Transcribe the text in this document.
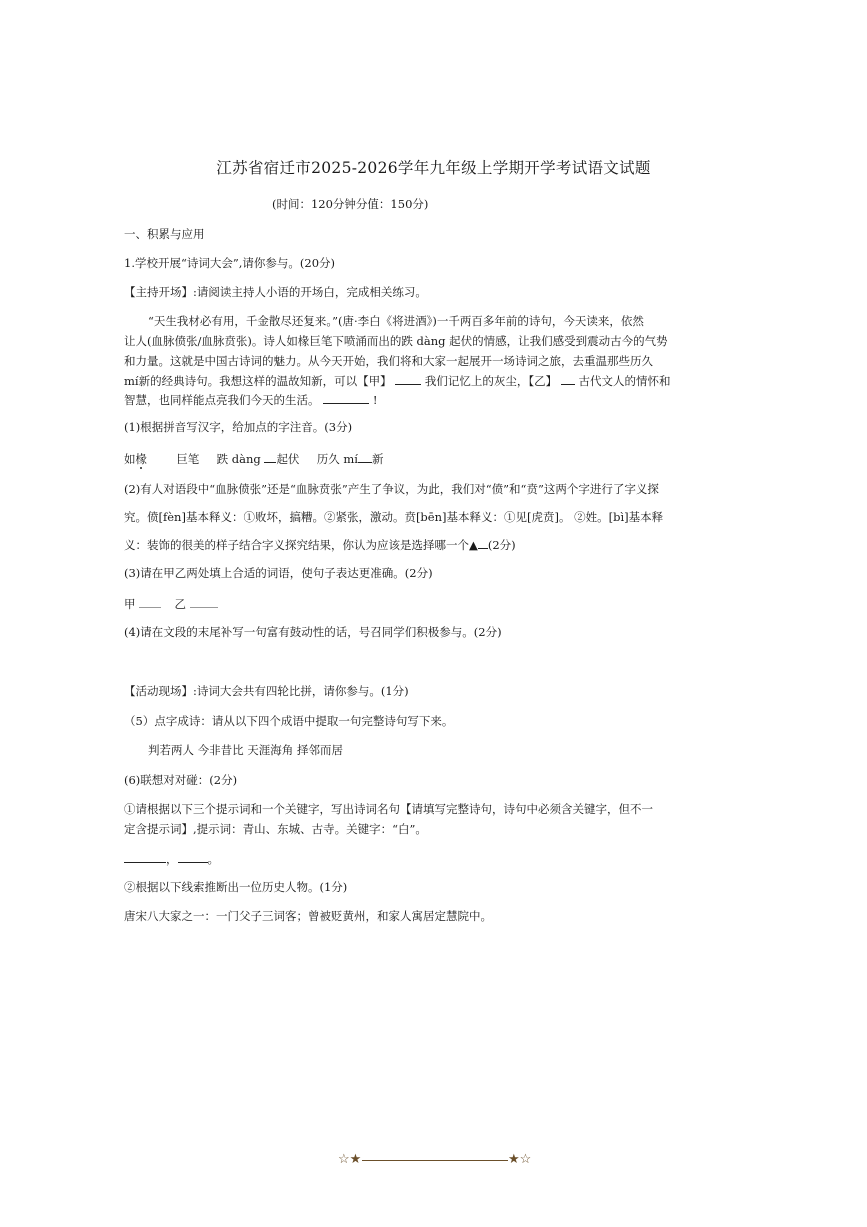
江苏省宿迁市2025-2026学年九年级上学期开学考试语文试题
(时间：120分钟分值：150分)
一、积累与应用
1.学校开展“诗词大会”,请你参与。(20分)
【主持开场】:请阅读主持人小语的开场白，完成相关练习。
“天生我材必有用，千金散尽还复来。”(唐·李白《将进酒》)一千两百多年前的诗句，今天读来，依然
让人(血脉偾张/血脉贲张)。诗人如椽巨笔下喷涌而出的跌 dàng 起伏的情感，让我们感受到震动古今的气势
和力量。这就是中国古诗词的魅力。从今天开始，我们将和大家一起展开一场诗词之旅，去重温那些历久
mí新的经典诗句。我想这样的温故知新，可以【甲】	我们记忆上的灰尘，【乙】 古代文人的情怀和
智慧，也同样能点亮我们今天的生活。	!
(1)根据拼音写汉字，给加点的字注音。(3分)
如椽	巨笔 跌 dàng 起伏 历久 mí 新
(2)有人对语段中“血脉偾张”还是“血脉贲张”产生了争议，为此，我们对“偾”和“贲”这两个字进行了字义探
究。偾[fèn]基本释义：①败坏，搞糟。②紧张，激动。贲[bēn]基本释义：①见[虎贲]。 ②姓。[bì]基本释
义：装饰的很美的样子结合字义探究结果，你认为应该是选择哪一个▲ (2分)
(3)请在甲乙两处填上合适的词语，使句子表达更准确。(2分)
甲	乙
(4)请在文段的末尾补写一句富有鼓动性的话，号召同学们积极参与。(2分)
【活动现场】:诗词大会共有四轮比拼，请你参与。(1分)
（5）点字成诗：请从以下四个成语中提取一句完整诗句写下来。
判若两人 今非昔比 天涯海角 择邻而居
(6)联想对对碰：(2分)
①请根据以下三个提示词和一个关键字，写出诗词名句【请填写完整诗句，诗句中必须含关键字，但不一
定含提示词】,提示词：青山、东城、古寺。关键字：“白”。
，	。
②根据以下线索推断出一位历史人物。(1分)
唐宋八大家之一：一门父子三词客；曾被贬黄州，和家人寓居定慧院中。
☆★	★☆
